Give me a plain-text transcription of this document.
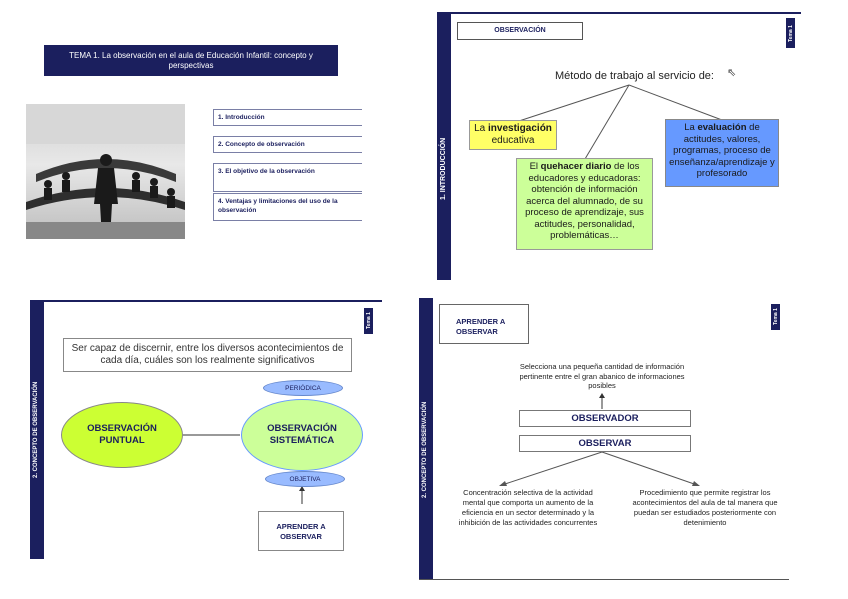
TEMA 1. La observación en el aula de Educación Infantil: concepto y perspectivas
1. Introducción
2. Concepto de observación
3. El objetivo de la observación
4. Ventajas y limitaciones del uso de la observación
1. INTRODUCCIÓN
Tema 1
OBSERVACIÓN
Método de trabajo al servicio de: ⇖
La investigación
educativa
El quehacer diario de los educadores y educadoras: obtención de información acerca del alumnado, de su proceso de aprendizaje, sus actitudes, personalidad, problemáticas…
La evaluación de actitudes, valores, programas, proceso de enseñanza/aprendizaje y profesorado
2. CONCEPTO DE OBSERVACIÓN
Tema 1
Ser capaz de discernir, entre los diversos acontecimientos de cada día, cuáles son los realmente significativos
OBSERVACIÓN PUNTUAL
PERIÓDICA
OBSERVACIÓN SISTEMÁTICA
OBJETIVA
APRENDER A OBSERVAR
2. CONCEPTO DE OBSERVACIÓN
Tema 1
APRENDER A OBSERVAR
Selecciona una pequeña cantidad de información pertinente entre el gran abanico de informaciones posibles
OBSERVADOR
OBSERVAR
Concentración selectiva de la actividad mental que comporta un aumento de la eficiencia en un sector determinado y la inhibición de las actividades concurrentes
Procedimiento que permite registrar los acontecimientos del aula de tal manera que puedan ser estudiados posteriormente con detenimiento
